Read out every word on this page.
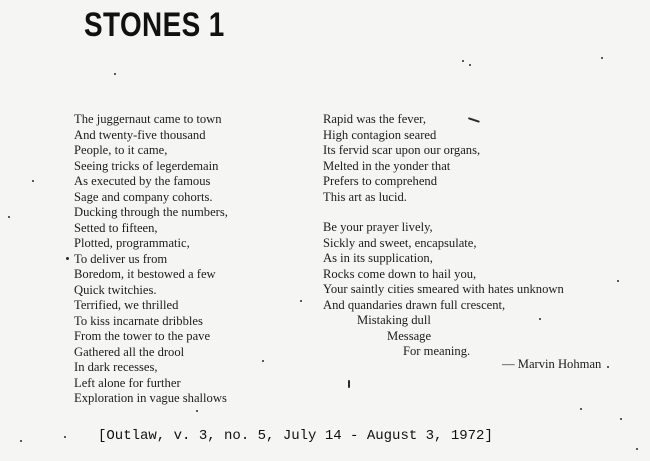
STONES 1
The juggernaut came to town
And twenty-five thousand
People, to it came,
Seeing tricks of legerdemain
As executed by the famous
Sage and company cohorts.
Ducking through the numbers,
Setted to fifteen,
Plotted, programmatic,
To deliver us from
Boredom, it bestowed a few
Quick twitchies.
Terrified, we thrilled
To kiss incarnate dribbles
From the tower to the pave
Gathered all the drool
In dark recesses,
Left alone for further
Exploration in vague shallows
Rapid was the fever,
High contagion seared
Its fervid scar upon our organs,
Melted in the yonder that
Prefers to comprehend
This art as lucid.
Be your prayer lively,
Sickly and sweet, encapsulate,
As in its supplication,
Rocks come down to hail you,
Your saintly cities smeared with hates unknown
And quandaries drawn full crescent,
Mistaking dull
Message
For meaning.
— Marvin Hohman
[Outlaw, v. 3, no. 5, July 14 - August 3, 1972]
